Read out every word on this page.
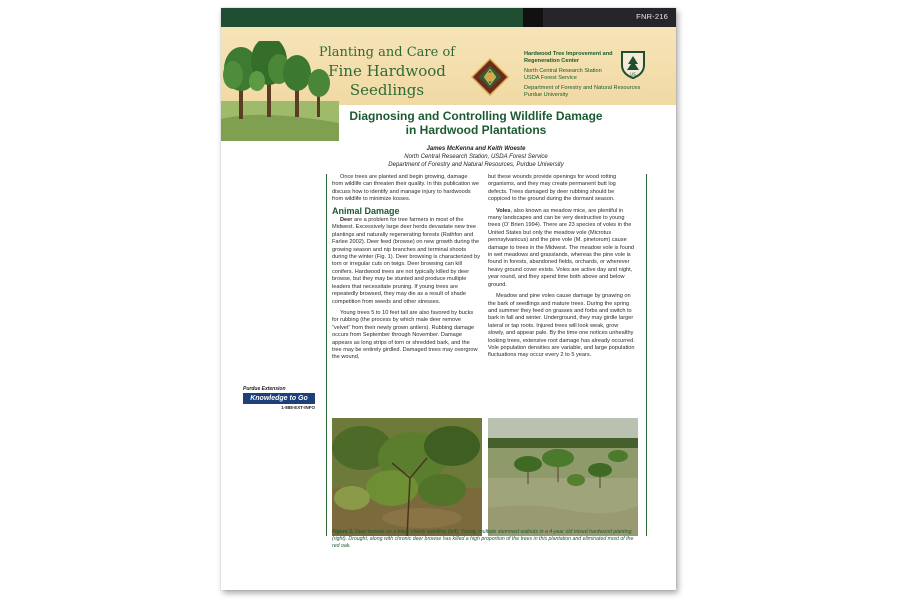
FNR-216
Planting and Care of
Fine Hardwood
Seedlings
Hardwood Tree Improvement and
Regeneration Center
North Central Research Station
USDA Forest Service
Department of Forestry and Natural Resources
Purdue University
US
Diagnosing and Controlling Wildlife Damage
in Hardwood Plantations
James McKenna and Keith Woeste
North Central Research Station, USDA Forest Service
Department of Forestry and Natural Resources, Purdue University
Purdue Extension
Knowledge to Go
1-888-EXT-INFO

Once trees are planted and begin growing, damage from wildlife can threaten their quality. In this publication we discuss how to identify and manage injury to hardwoods from wildlife to minimize losses.

Animal Damage

Deer are a problem for tree farmers in most of the Midwest. Excessively large deer herds devastate new tree plantings and naturally regenerating forests (Rathfon and Farlee 2002). Deer feed (browse) on new growth during the growing season and nip branches and terminal shoots during the winter (Fig. 1). Deer browsing is characterized by torn or irregular cuts on twigs. Deer browsing can kill conifers. Hardwood trees are not typically killed by deer browse, but they may be stunted and produce multiple leaders that necessitate pruning. If young trees are repeatedly browsed, they may die as a result of shade competition from weeds and other stresses.

Young trees 5 to 10 feet tall are also favored by bucks for rubbing (the process by which male deer remove “velvet” from their newly grown antlers). Rubbing damage occurs from September through November. Damage appears as long strips of torn or shredded bark, and the tree may be entirely girdled. Damaged trees may overgrow the wound,

but these wounds provide openings for wood rotting organisms, and they may create permanent butt log defects. Trees damaged by deer rubbing should be coppiced to the ground during the dormant season.

Voles, also known as meadow mice, are plentiful in many landscapes and can be very destructive to young trees (O’ Brien 1994). There are 23 species of voles in the United States but only the meadow vole (Microtus pennsylvanicus) and the pine vole (M. pinetorum) cause damage to trees in the Midwest. The meadow vole is found in wet meadows and grasslands, whereas the pine vole is found in forests, abandoned fields, orchards, or wherever heavy ground cover exists. Voles are active day and night, year round, and they spend time both above and below ground.

Meadow and pine voles cause damage by gnawing on the bark of seedlings and mature trees. During the spring and summer they feed on grasses and forbs and switch to bark in fall and winter. Underground, they may girdle larger lateral or tap roots. Injured trees will look weak, grow slowly, and appear pale. By the time one notices unhealthy looking trees, extensive root damage has already occurred. Vole population densities are variable, and large population fluctuations may occur every 2 to 5 years.

Figure 1. Deer browse on a black cherry seedling (left). Young, multiple stemmed walnuts in a 4-year old mixed hardwood planting (right). Drought, along with chronic deer browse has killed a high proportion of the trees in this plantation and eliminated most of the red oak.
